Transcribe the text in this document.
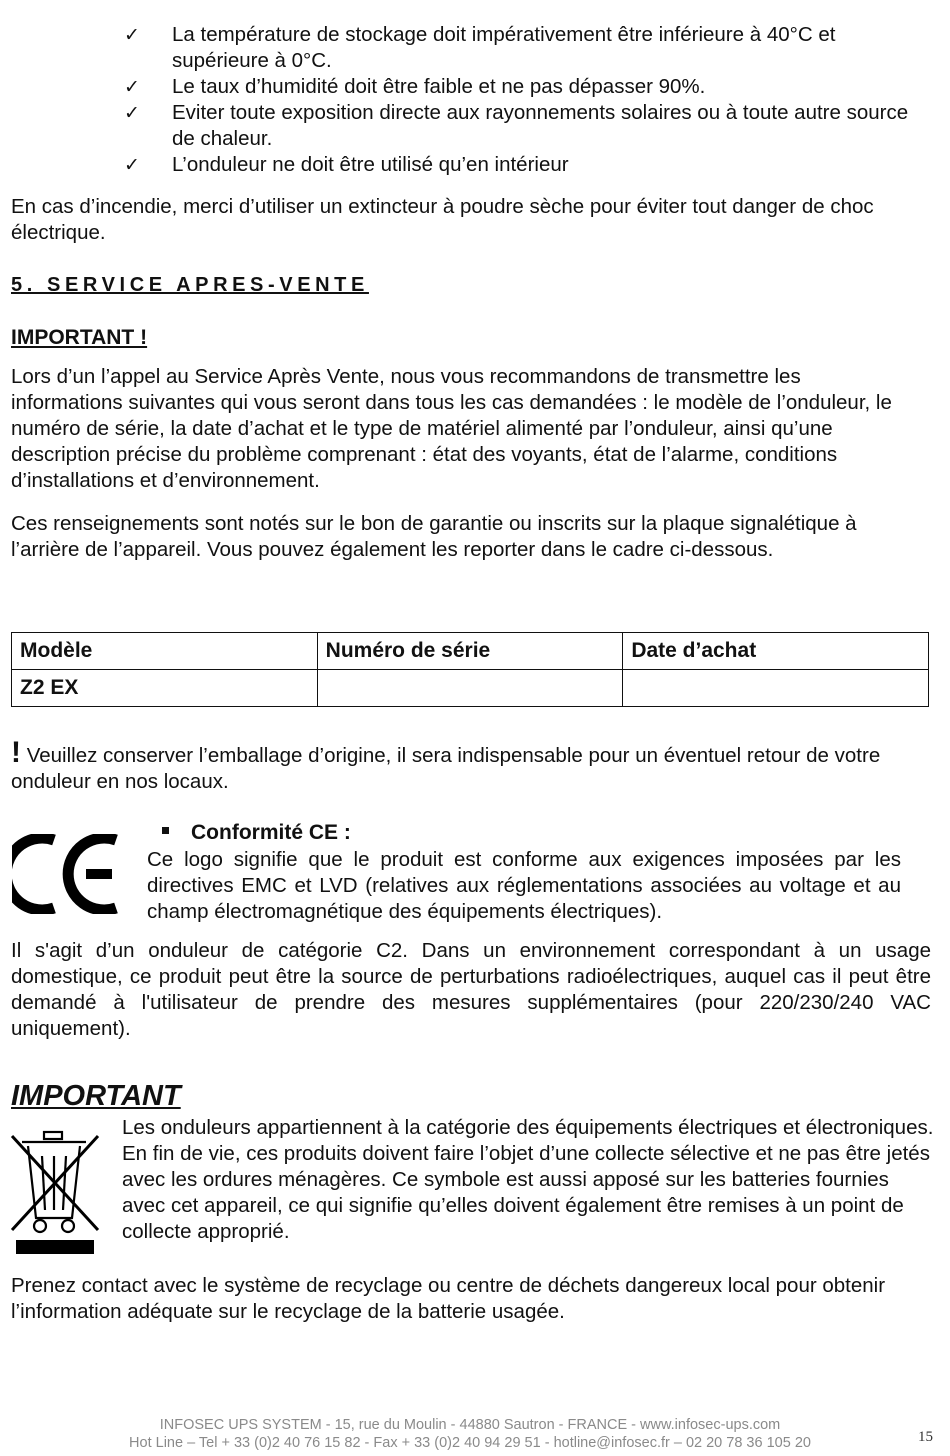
✓ La température de stockage doit impérativement être inférieure à 40°C et supérieure à 0°C.
✓ Le taux d’humidité doit être faible et ne pas dépasser 90%.
✓ Eviter toute exposition directe aux rayonnements solaires ou à toute autre source de chaleur.
✓ L’onduleur ne doit être utilisé qu’en intérieur
En cas d’incendie, merci d’utiliser un extincteur à poudre sèche pour éviter tout danger de choc électrique.
5. SERVICE APRES-VENTE
IMPORTANT !
Lors d’un l’appel au Service Après Vente, nous vous recommandons de transmettre les informations suivantes qui vous seront dans tous les cas demandées : le modèle de l’onduleur, le numéro de série, la date d’achat et le type de matériel alimenté par l’onduleur, ainsi qu’une description précise du problème comprenant : état des voyants, état de l’alarme, conditions d’installations et d’environnement.
Ces renseignements sont notés sur le bon de garantie ou inscrits sur la plaque signalétique à l’arrière de l’appareil. Vous pouvez également les reporter dans le cadre ci-dessous.
Modèle	Numéro de série	Date d’achat
Z2 EX		
! Veuillez conserver l’emballage d’origine, il sera indispensable pour un éventuel retour de votre onduleur en nos locaux.
Conformité CE :
Ce logo signifie que le produit est conforme aux exigences imposées par les directives EMC et LVD (relatives aux réglementations associées au voltage et au champ électromagnétique des équipements électriques).
Il s'agit d’un onduleur de catégorie C2. Dans un environnement correspondant à un usage domestique, ce produit peut être la source de perturbations radioélectriques, auquel cas il peut être demandé à l'utilisateur de prendre des mesures supplémentaires (pour 220/230/240 VAC uniquement).
IMPORTANT
Les onduleurs appartiennent à la catégorie des équipements électriques et électroniques. En fin de vie, ces produits doivent faire l’objet d’une collecte sélective et ne pas être jetés avec les ordures ménagères. Ce symbole est aussi apposé sur les batteries fournies avec cet appareil, ce qui signifie qu’elles doivent également être remises à un point de collecte approprié.
Prenez contact avec le système de recyclage ou centre de déchets dangereux local pour obtenir l’information adéquate sur le recyclage de la batterie usagée.
INFOSEC UPS SYSTEM - 15, rue du Moulin - 44880 Sautron - FRANCE - www.infosec-ups.com
Hot Line – Tel + 33 (0)2 40 76 15 82 - Fax + 33 (0)2 40 94 29 51 - hotline@infosec.fr – 02 20 78 36 105 20	15
